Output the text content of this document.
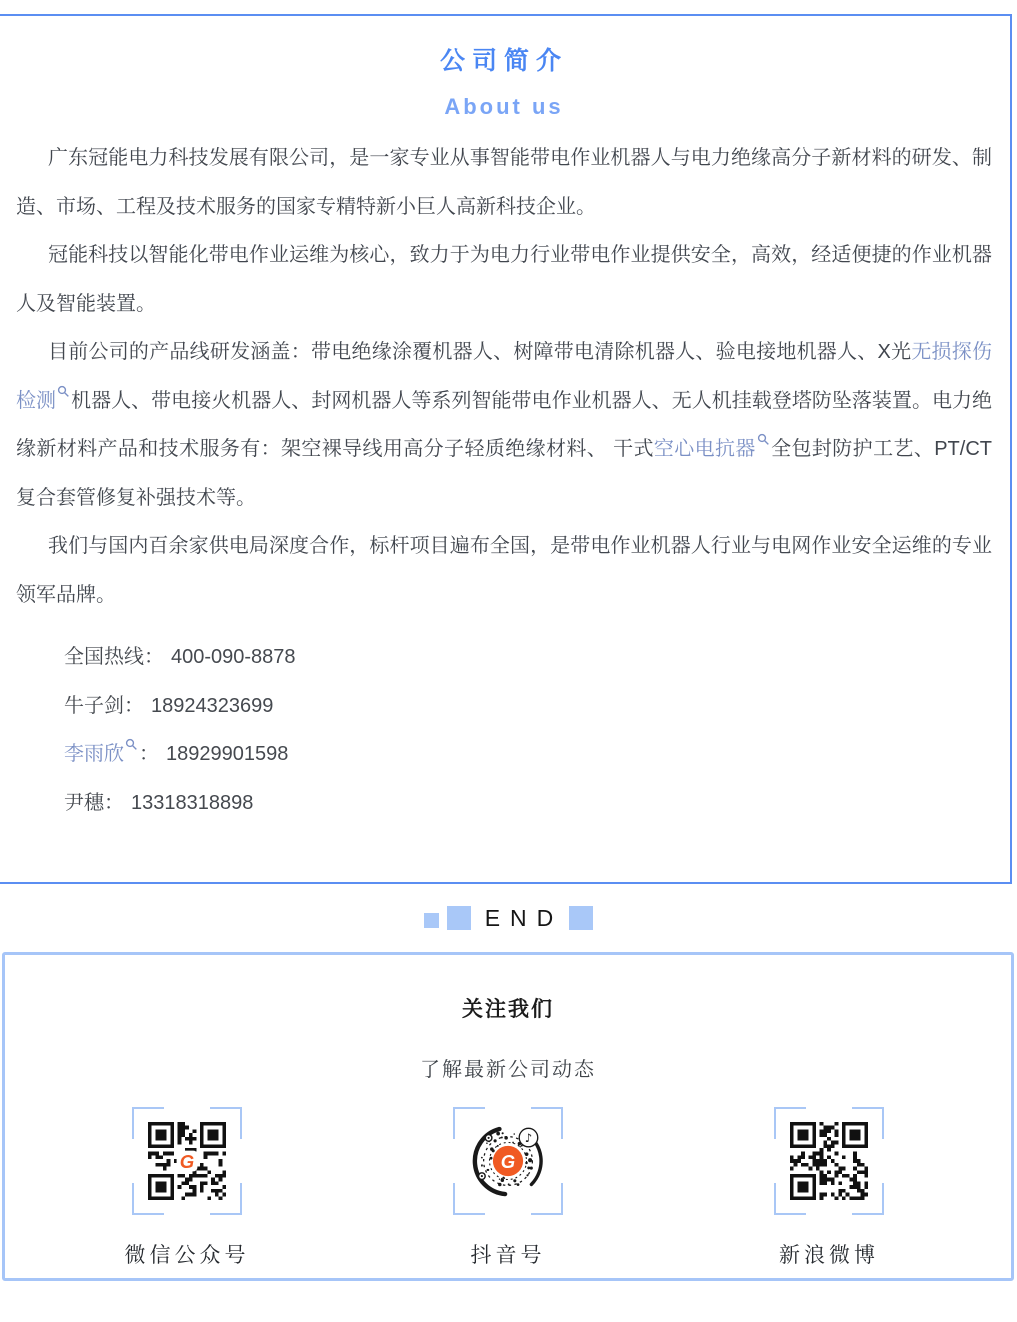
公司简介
About us

广东冠能电力科技发展有限公司，是一家专业从事智能带电作业机器人与电力绝缘高分子新材料的研发、制造、市场、工程及技术服务的国家专精特新小巨人高新科技企业。

冠能科技以智能化带电作业运维为核心，致力于为电力行业带电作业提供安全，高效，经适便捷的作业机器人及智能装置。

目前公司的产品线研发涵盖：带电绝缘涂覆机器人、树障带电清除机器人、验电接地机器人、X光无损探伤检测 机器人、带电接火机器人、封网机器人等系列智能带电作业机器人、无人机挂载登塔防坠落装置。电力绝缘新材料产品和技术服务有：架空裸导线用高分子轻质绝缘材料、 干式空心电抗器 全包封防护工艺、PT/CT复合套管修复补强技术等。

我们与国内百余家供电局深度合作，标杆项目遍布全国，是带电作业机器人行业与电网作业安全运维的专业领军品牌。

全国热线： 400-090-8878

牛子剑： 18924323699

李雨欣 ： 18929901598

尹穗： 13318318898

END
关注我们
了解最新公司动态
G
微信公众号
G
♪
抖音号	新浪微博
